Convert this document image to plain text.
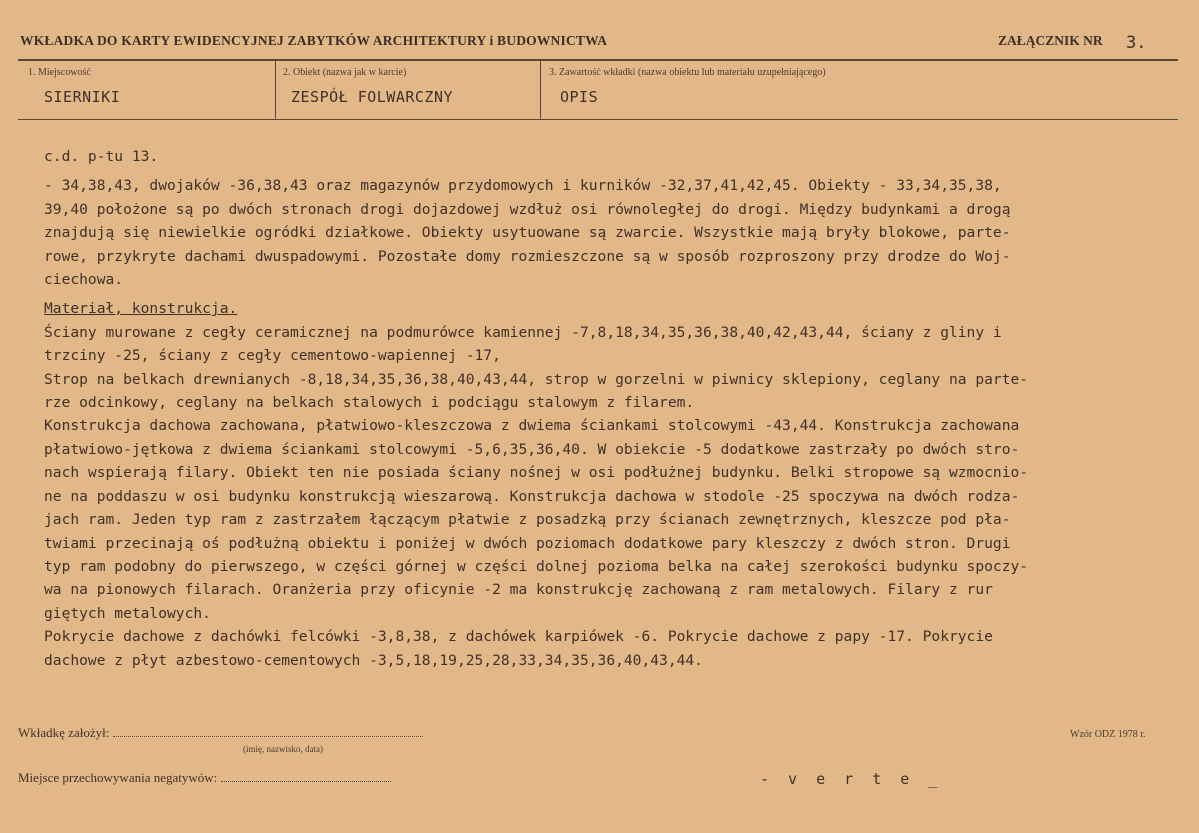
WKŁADKA DO KARTY EWIDENCYJNEJ ZABYTKÓW ARCHITEKTURY i BUDOWNICTWA	ZAŁĄCZNIK NR 3.
1. Miejscowość
SIERNIKI
2. Obiekt (nazwa jak w karcie)
ZESPÓŁ FOLWARCZNY
3. Zawartość wkładki (nazwa obiektu lub materiału uzupełniającego)
OPIS

c.d. p-tu 13.

- 34,38,43, dwojaków -36,38,43 oraz magazynów przydomowych i kurników -32,37,41,42,45. Obiekty - 33,34,35,38,

39,40 położone są po dwóch stronach drogi dojazdowej wzdłuż osi równoległej do drogi. Między budynkami a drogą

znajdują się niewielkie ogródki działkowe. Obiekty usytuowane są zwarcie. Wszystkie mają bryły blokowe, parte-

rowe, przykryte dachami dwuspadowymi. Pozostałe domy rozmieszczone są w sposób rozproszony przy drodze do Woj-

ciechowa.

Materiał, konstrukcja.

Ściany murowane z cegły ceramicznej na podmurówce kamiennej -7,8,18,34,35,36,38,40,42,43,44, ściany z gliny i

trzciny -25, ściany z cegły cementowo-wapiennej -17,

Strop na belkach drewnianych -8,18,34,35,36,38,40,43,44, strop w gorzelni w piwnicy sklepiony, ceglany na parte-

rze odcinkowy, ceglany na belkach stalowych i podciągu stalowym z filarem.

Konstrukcja dachowa zachowana, płatwiowo-kleszczowa z dwiema ściankami stolcowymi -43,44. Konstrukcja zachowana

płatwiowo-jętkowa z dwiema ściankami stolcowymi -5,6,35,36,40. W obiekcie -5 dodatkowe zastrzały po dwóch stro-

nach wspierają filary. Obiekt ten nie posiada ściany nośnej w osi podłużnej budynku. Belki stropowe są wzmocnio-

ne na poddaszu w osi budynku konstrukcją wieszarową. Konstrukcja dachowa w stodole -25 spoczywa na dwóch rodza-

jach ram. Jeden typ ram z zastrzałem łączącym płatwie z posadzką przy ścianach zewnętrznych, kleszcze pod pła-

twiami przecinają oś podłużną obiektu i poniżej w dwóch poziomach dodatkowe pary kleszczy z dwóch stron. Drugi

typ ram podobny do pierwszego, w części górnej w części dolnej pozioma belka na całej szerokości budynku spoczy-

wa na pionowych filarach. Oranżeria przy oficynie -2 ma konstrukcję zachowaną z ram metalowych. Filary z rur

giętych metalowych.

Pokrycie dachowe z dachówki felcówki -3,8,38, z dachówek karpiówek -6. Pokrycie dachowe z papy -17. Pokrycie

dachowe z płyt azbestowo-cementowych -3,5,18,19,25,28,33,34,35,36,40,43,44.

Wkładkę założył:
(imię, nazwisko, data)
Wzór ODZ 1978 r.
Miejsce przechowywania negatywów:	- v e r t e _
